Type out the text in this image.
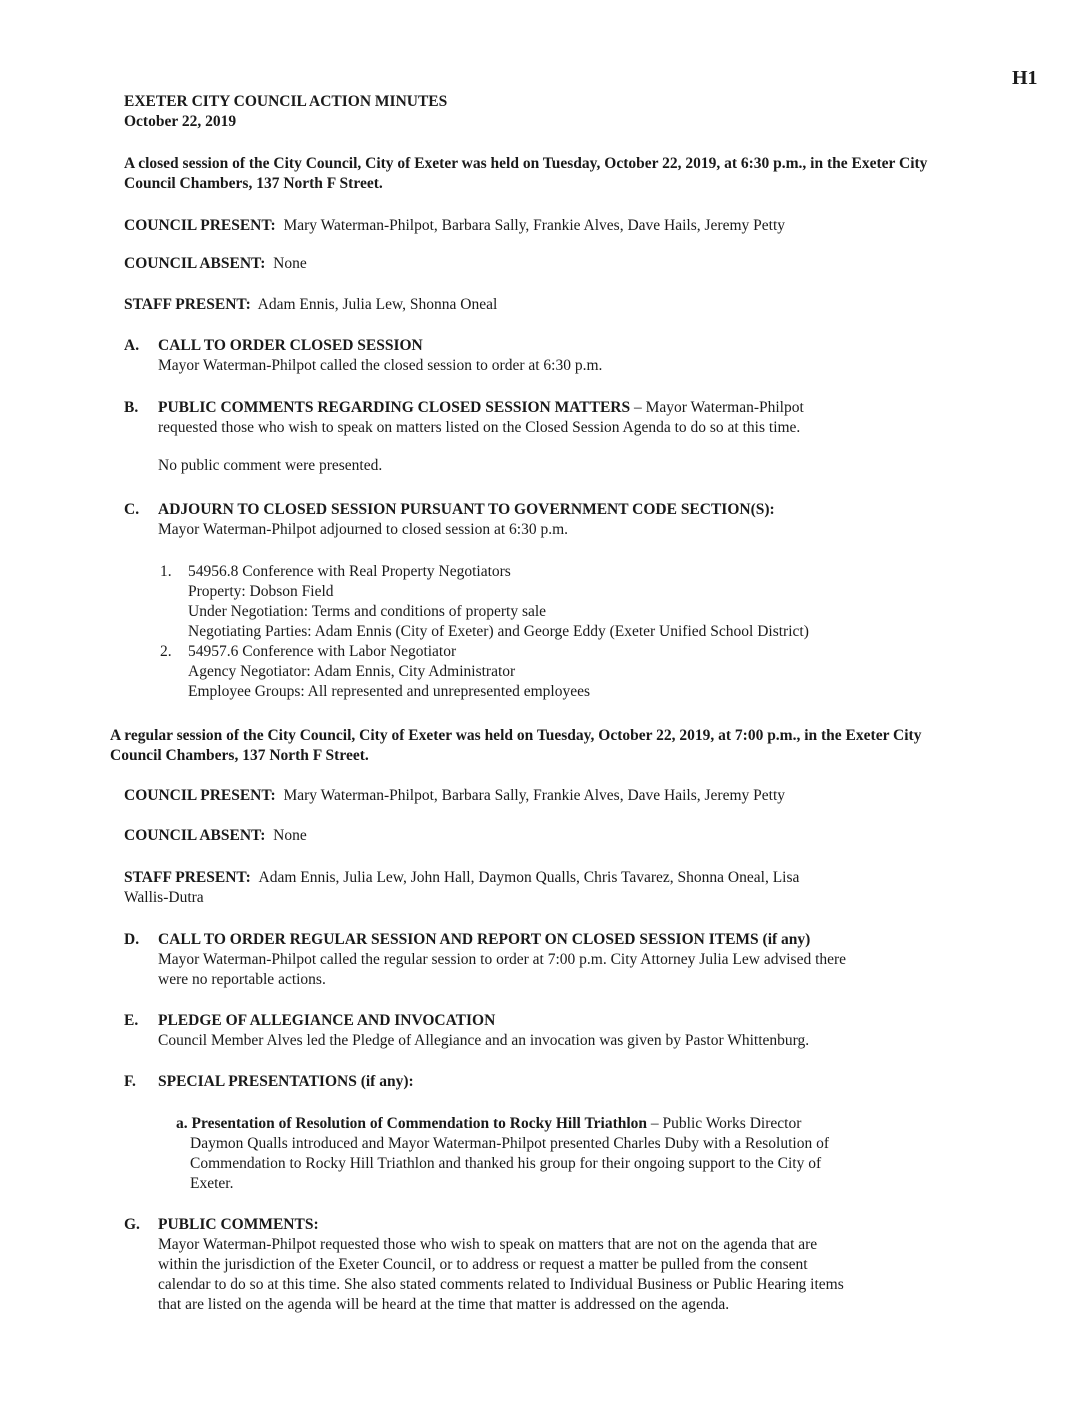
H1
EXETER CITY COUNCIL ACTION MINUTES
October 22, 2019
A closed session of the City Council, City of Exeter was held on Tuesday, October 22, 2019, at 6:30 p.m., in the Exeter City Council Chambers, 137 North F Street.
COUNCIL PRESENT: Mary Waterman-Philpot, Barbara Sally, Frankie Alves, Dave Hails, Jeremy Petty
COUNCIL ABSENT: None
STAFF PRESENT: Adam Ennis, Julia Lew, Shonna Oneal
A.	CALL TO ORDER CLOSED SESSION
Mayor Waterman-Philpot called the closed session to order at 6:30 p.m.
B.	PUBLIC COMMENTS REGARDING CLOSED SESSION MATTERS – Mayor Waterman-Philpot
requested those who wish to speak on matters listed on the Closed Session Agenda to do so at this time.
No public comment were presented.
C.	ADJOURN TO CLOSED SESSION PURSUANT TO GOVERNMENT CODE SECTION(S):
Mayor Waterman-Philpot adjourned to closed session at 6:30 p.m.
1.	54956.8 Conference with Real Property Negotiators
Property: Dobson Field
Under Negotiation: Terms and conditions of property sale
Negotiating Parties: Adam Ennis (City of Exeter) and George Eddy (Exeter Unified School District)
2.	54957.6 Conference with Labor Negotiator
Agency Negotiator: Adam Ennis, City Administrator
Employee Groups: All represented and unrepresented employees
A regular session of the City Council, City of Exeter was held on Tuesday, October 22, 2019, at 7:00 p.m., in the Exeter City Council Chambers, 137 North F Street.
COUNCIL PRESENT: Mary Waterman-Philpot, Barbara Sally, Frankie Alves, Dave Hails, Jeremy Petty
COUNCIL ABSENT: None
STAFF PRESENT: Adam Ennis, Julia Lew, John Hall, Daymon Qualls, Chris Tavarez, Shonna Oneal, Lisa
Wallis-Dutra
D.	CALL TO ORDER REGULAR SESSION AND REPORT ON CLOSED SESSION ITEMS (if any)
Mayor Waterman-Philpot called the regular session to order at 7:00 p.m. City Attorney Julia Lew advised there
were no reportable actions.
E.	PLEDGE OF ALLEGIANCE AND INVOCATION
Council Member Alves led the Pledge of Allegiance and an invocation was given by Pastor Whittenburg.
F.	SPECIAL PRESENTATIONS (if any):
a. Presentation of Resolution of Commendation to Rocky Hill Triathlon – Public Works Director
Daymon Qualls introduced and Mayor Waterman-Philpot presented Charles Duby with a Resolution of
Commendation to Rocky Hill Triathlon and thanked his group for their ongoing support to the City of
Exeter.
G.	PUBLIC COMMENTS:
Mayor Waterman-Philpot requested those who wish to speak on matters that are not on the agenda that are
within the jurisdiction of the Exeter Council, or to address or request a matter be pulled from the consent
calendar to do so at this time. She also stated comments related to Individual Business or Public Hearing items
that are listed on the agenda will be heard at the time that matter is addressed on the agenda.
